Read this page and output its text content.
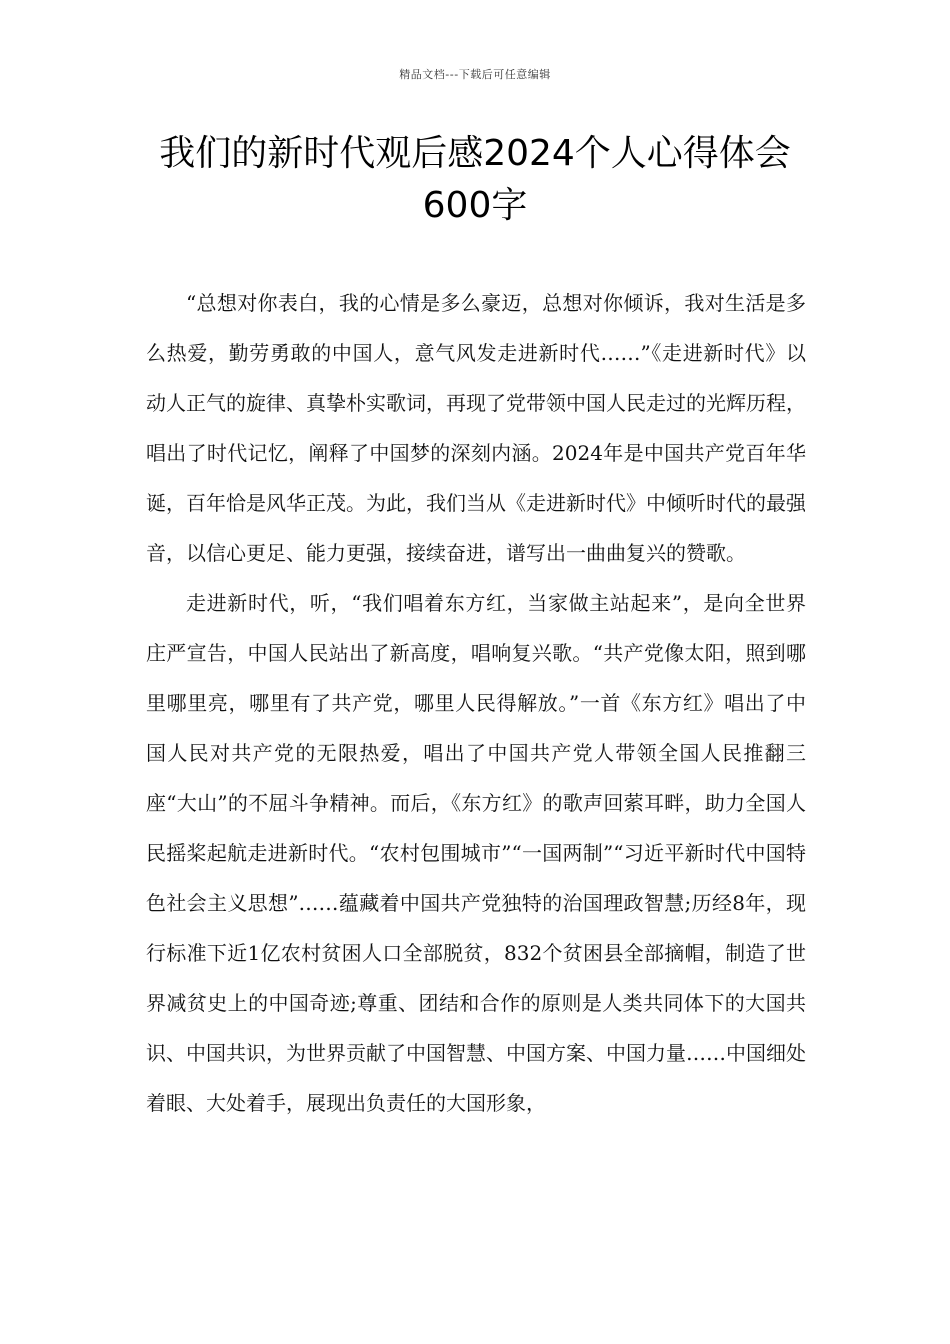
精品文档---下载后可任意编辑
我们的新时代观后感2024个人心得体会600字

“总想对你表白，我的心情是多么豪迈，总想对你倾诉，我对生活是多么热爱，勤劳勇敢的中国人，意气风发走进新时代……”《走进新时代》以动人正气的旋律、真挚朴实歌词，再现了党带领中国人民走过的光辉历程，唱出了时代记忆，阐释了中国梦的深刻内涵。2024年是中国共产党百年华诞，百年恰是风华正茂。为此，我们当从《走进新时代》中倾听时代的最强音，以信心更足、能力更强，接续奋进，谱写出一曲曲复兴的赞歌。

走进新时代，听，“我们唱着东方红，当家做主站起来”，是向全世界庄严宣告，中国人民站出了新高度，唱响复兴歌。“共产党像太阳，照到哪里哪里亮，哪里有了共产党，哪里人民得解放。”一首《东方红》唱出了中国人民对共产党的无限热爱，唱出了中国共产党人带领全国人民推翻三座“大山”的不屈斗争精神。而后，《东方红》的歌声回萦耳畔，助力全国人民摇桨起航走进新时代。“农村包围城市”“一国两制”“习近平新时代中国特色社会主义思想”……蕴藏着中国共产党独特的治国理政智慧;历经8年，现行标准下近1亿农村贫困人口全部脱贫，832个贫困县全部摘帽，制造了世界减贫史上的中国奇迹;尊重、团结和合作的原则是人类共同体下的大国共识、中国共识，为世界贡献了中国智慧、中国方案、中国力量……中国细处着眼、大处着手，展现出负责任的大国形象，
